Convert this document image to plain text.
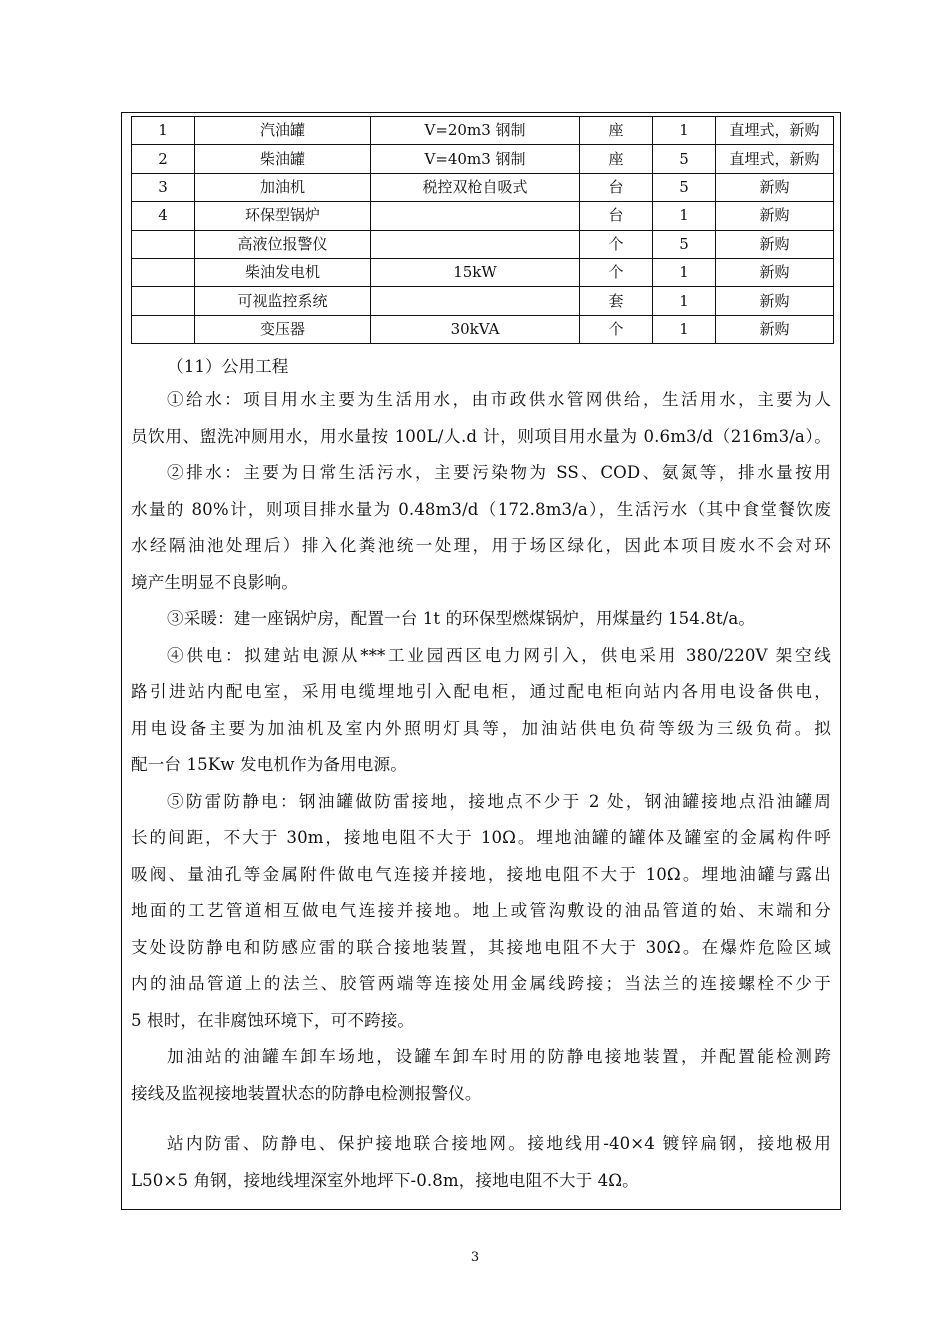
1	汽油罐	V=20m3 钢制	座	1	直埋式，新购
2	柴油罐	V=40m3 钢制	座	5	直埋式，新购
3	加油机	税控双枪自吸式	台	5	新购
4	环保型锅炉		台	1	新购
	高液位报警仪		个	5	新购
	柴油发电机	15kW	个	1	新购
	可视监控系统		套	1	新购
	变压器	30kVA	个	1	新购
（11）公用工程

①给水：项目用水主要为生活用水，由市政供水管网供给，生活用水，主要为人
员饮用、盥洗冲厕用水，用水量按 100L/人.d 计，则项目用水量为 0.6m3/d（216m3/a）。

②排水：主要为日常生活污水，主要污染物为 SS、COD、氨氮等，排水量按用
水量的 80%计，则项目排水量为 0.48m3/d（172.8m3/a），生活污水（其中食堂餐饮废
水经隔油池处理后）排入化粪池统一处理，用于场区绿化，因此本项目废水不会对环
境产生明显不良影响。

③采暖：建一座锅炉房，配置一台 1t 的环保型燃煤锅炉，用煤量约 154.8t/a。

④供电：拟建站电源从***工业园西区电力网引入，供电采用 380/220V 架空线
路引进站内配电室，采用电缆埋地引入配电柜，通过配电柜向站内各用电设备供电，
用电设备主要为加油机及室内外照明灯具等，加油站供电负荷等级为三级负荷。拟
配一台 15Kw 发电机作为备用电源。

⑤防雷防静电：钢油罐做防雷接地，接地点不少于 2 处，钢油罐接地点沿油罐周
长的间距，不大于 30m，接地电阻不大于 10Ω。埋地油罐的罐体及罐室的金属构件呼
吸阀、量油孔等金属附件做电气连接并接地，接地电阻不大于 10Ω。埋地油罐与露出
地面的工艺管道相互做电气连接并接地。地上或管沟敷设的油品管道的始、末端和分
支处设防静电和防感应雷的联合接地装置，其接地电阻不大于 30Ω。在爆炸危险区域
内的油品管道上的法兰、胶管两端等连接处用金属线跨接；当法兰的连接螺栓不少于
5 根时，在非腐蚀环境下，可不跨接。

加油站的油罐车卸车场地，设罐车卸车时用的防静电接地装置，并配置能检测跨
接线及监视接地装置状态的防静电检测报警仪。

站内防雷、防静电、保护接地联合接地网。接地线用-40×4 镀锌扁钢，接地极用
L50×5 角钢，接地线埋深室外地坪下-0.8m，接地电阻不大于 4Ω。

3
